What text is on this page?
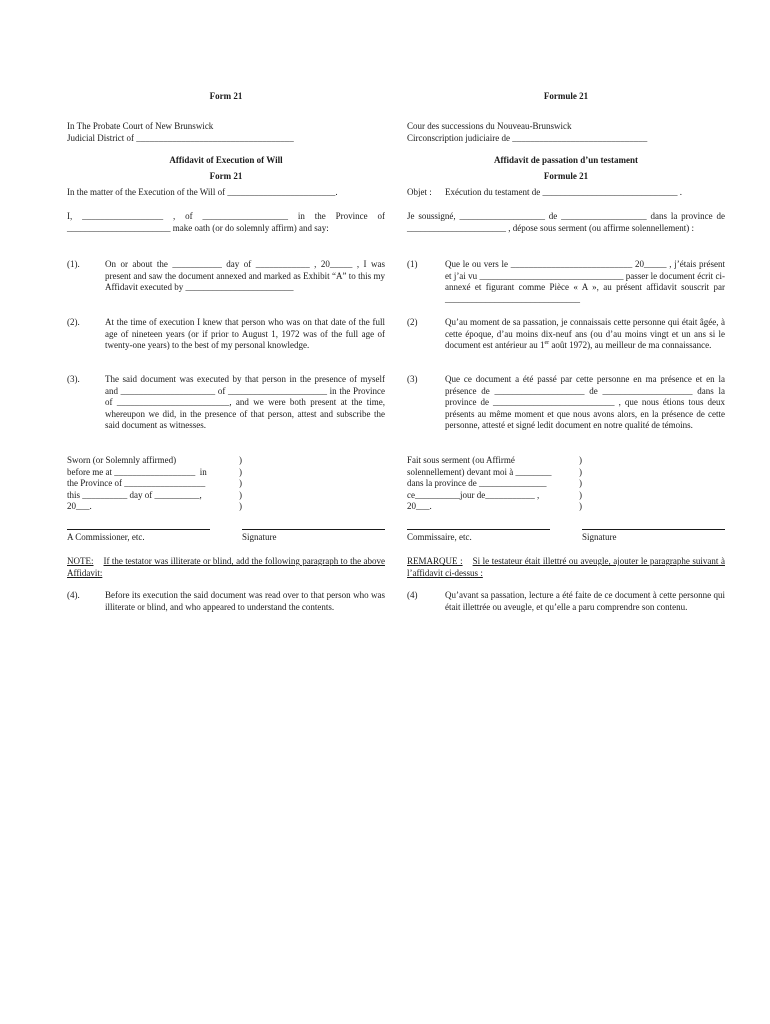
Form 21
In The Probate Court of New Brunswick
Judicial District of ___________________________________
Affidavit of Execution of Will
Form 21
In the matter of the Execution of the Will of ________________________.
I, __________________ , of ___________________ in the Province of _______________________ make oath (or do solemnly affirm) and say:
(1).	On or about the ___________ day of ____________ , 20_____ , I was present and saw the document annexed and marked as Exhibit “A” to this my Affidavit executed by ________________________
(2).	At the time of execution I knew that person who was on that date of the full age of nineteen years (or if prior to August 1, 1972 was of the full age of twenty-one years) to the best of my personal knowledge.
(3).	The said document was executed by that person in the presence of myself and _____________________ of ______________________ in the Province of _________________________, and we were both present at the time, whereupon we did, in the presence of that person, attest and subscribe the said document as witnesses.
Sworn (or Solemnly affirmed)	)
before me at __________________  in	)
the Province of __________________	)
this __________ day of __________,	)
20___.	)
A Commissioner, etc.	Signature
NOTE: If the testator was illiterate or blind, add the following paragraph to the above Affidavit:
(4).	Before its execution the said document was read over to that person who was illiterate or blind, and who appeared to understand the contents.
Formule 21
Cour des successions du Nouveau-Brunswick
Circonscription judiciaire de ______________________________
Affidavit de passation d’un testament
Formule 21
Objet : Exécution du testament de ______________________________ .
Je soussigné, ___________________ de ___________________ dans la province de ______________________ , dépose sous serment (ou affirme solennellement) :
(1)	Que le ou vers le ___________________________ 20_____ , j’étais présent et j’ai vu ________________________________ passer le document écrit ci-annexé et figurant comme Pièce « A », au présent affidavit souscrit par ______________________________
(2)	Qu’au moment de sa passation, je connaissais cette personne qui était âgée, à cette époque, d’au moins dix-neuf ans (ou d’au moins vingt et un ans si le document est antérieur au 1er août 1972), au meilleur de ma connaissance.
(3)	Que ce document a été passé par cette personne en ma présence et en la présence de ____________________ de ____________________ dans la province de ___________________________ , que nous étions tous deux présents au même moment et que nous avons alors, en la présence de cette personne, attesté et signé ledit document en notre qualité de témoins.
Fait sous serment (ou Affirmé	)
solennellement) devant moi à ________	)
dans la province de _______________	)
ce__________jour de___________ ,	)
20___.	)
Commissaire, etc.	Signature
REMARQUE : Si le testateur était illettré ou aveugle, ajouter le paragraphe suivant à l’affidavit ci-dessus :
(4)	Qu’avant sa passation, lecture a été faite de ce document à cette personne qui était illettrée ou aveugle, et qu’elle a paru comprendre son contenu.
